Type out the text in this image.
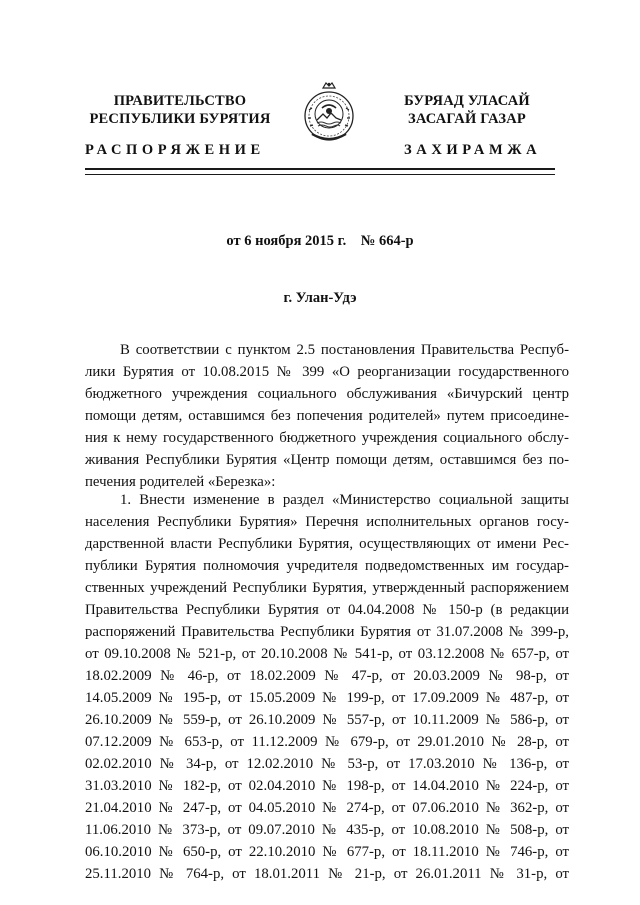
ПРАВИТЕЛЬСТВО
РЕСПУБЛИКИ БУРЯТИЯ
БУРЯАД УЛАСАЙ
ЗАСАГАЙ ГАЗАР
РАСПОРЯЖЕНИЕ	ЗАХИРАМЖА
от 6 ноября 2015 г. № 664-р
г. Улан-Удэ
В соответствии с пунктом 2.5 постановления Правительства Респуб-
лики Бурятия от 10.08.2015 № 399 «О реорганизации государственного
бюджетного учреждения социального обслуживания «Бичурский центр
помощи детям, оставшимся без попечения родителей» путем присоедине-
ния к нему государственного бюджетного учреждения социального обслу-
живания Республики Бурятия «Центр помощи детям, оставшимся без по-
печения родителей «Березка»:
1. Внести изменение в раздел «Министерство социальной защиты
населения Республики Бурятия» Перечня исполнительных органов госу-
дарственной власти Республики Бурятия, осуществляющих от имени Рес-
публики Бурятия полномочия учредителя подведомственных им государ-
ственных учреждений Республики Бурятия, утвержденный распоряжением
Правительства Республики Бурятия от 04.04.2008 № 150-р (в редакции
распоряжений Правительства Республики Бурятия от 31.07.2008 № 399-р,
от 09.10.2008 № 521-р, от 20.10.2008 № 541-р, от 03.12.2008 № 657-р, от
18.02.2009 № 46-р, от 18.02.2009 № 47-р, от 20.03.2009 № 98-р, от
14.05.2009 № 195-р, от 15.05.2009 № 199-р, от 17.09.2009 № 487-р, от
26.10.2009 № 559-р, от 26.10.2009 № 557-р, от 10.11.2009 № 586-р, от
07.12.2009 № 653-р, от 11.12.2009 № 679-р, от 29.01.2010 № 28-р, от
02.02.2010 № 34-р, от 12.02.2010 № 53-р, от 17.03.2010 № 136-р, от
31.03.2010 № 182-р, от 02.04.2010 № 198-р, от 14.04.2010 № 224-р, от
21.04.2010 № 247-р, от 04.05.2010 № 274-р, от 07.06.2010 № 362-р, от
11.06.2010 № 373-р, от 09.07.2010 № 435-р, от 10.08.2010 № 508-р, от
06.10.2010 № 650-р, от 22.10.2010 № 677-р, от 18.11.2010 № 746-р, от
25.11.2010 № 764-р, от 18.01.2011 № 21-р, от 26.01.2011 № 31-р, от
